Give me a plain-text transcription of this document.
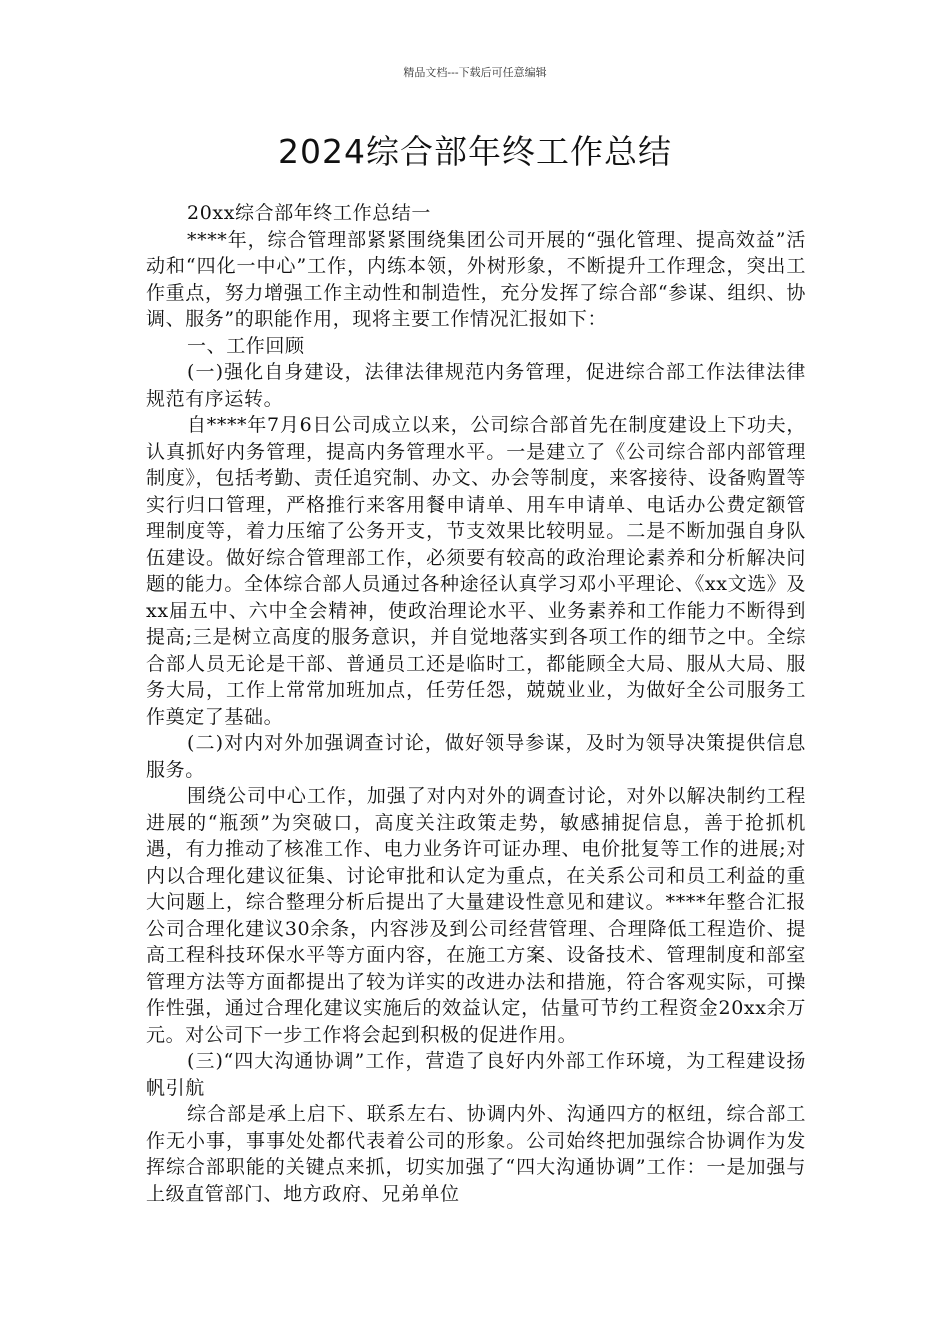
精品文档---下载后可任意编辑
2024综合部年终工作总结

20xx综合部年终工作总结一

****年，综合管理部紧紧围绕集团公司开展的“强化管理、提高效益”活动和“四化一中心”工作，内练本领，外树形象，不断提升工作理念，突出工作重点，努力增强工作主动性和制造性，充分发挥了综合部“参谋、组织、协调、服务”的职能作用，现将主要工作情况汇报如下：

一、工作回顾

(一)强化自身建设，法律法律规范内务管理，促进综合部工作法律法律规范有序运转。

自****年7月6日公司成立以来，公司综合部首先在制度建设上下功夫，认真抓好内务管理，提高内务管理水平。一是建立了《公司综合部内部管理制度》，包括考勤、责任追究制、办文、办会等制度，来客接待、设备购置等实行归口管理，严格推行来客用餐申请单、用车申请单、电话办公费定额管理制度等，着力压缩了公务开支，节支效果比较明显。二是不断加强自身队伍建设。做好综合管理部工作，必须要有较高的政治理论素养和分析解决问题的能力。全体综合部人员通过各种途径认真学习邓小平理论、《xx文选》及xx届五中、六中全会精神，使政治理论水平、业务素养和工作能力不断得到提高;三是树立高度的服务意识，并自觉地落实到各项工作的细节之中。全综合部人员无论是干部、普通员工还是临时工，都能顾全大局、服从大局、服务大局，工作上常常加班加点，任劳任怨，兢兢业业，为做好全公司服务工作奠定了基础。

(二)对内对外加强调查讨论，做好领导参谋，及时为领导决策提供信息服务。

围绕公司中心工作，加强了对内对外的调查讨论，对外以解决制约工程进展的“瓶颈”为突破口，高度关注政策走势，敏感捕捉信息，善于抢抓机遇，有力推动了核准工作、电力业务许可证办理、电价批复等工作的进展;对内以合理化建议征集、讨论审批和认定为重点，在关系公司和员工利益的重大问题上，综合整理分析后提出了大量建设性意见和建议。****年整合汇报公司合理化建议30余条，内容涉及到公司经营管理、合理降低工程造价、提高工程科技环保水平等方面内容，在施工方案、设备技术、管理制度和部室管理方法等方面都提出了较为详实的改进办法和措施，符合客观实际，可操作性强，通过合理化建议实施后的效益认定，估量可节约工程资金20xx余万元。对公司下一步工作将会起到积极的促进作用。

(三)“四大沟通协调”工作，营造了良好内外部工作环境，为工程建设扬帆引航

综合部是承上启下、联系左右、协调内外、沟通四方的枢纽，综合部工作无小事，事事处处都代表着公司的形象。公司始终把加强综合协调作为发挥综合部职能的关键点来抓，切实加强了“四大沟通协调”工作：一是加强与上级直管部门、地方政府、兄弟单位
